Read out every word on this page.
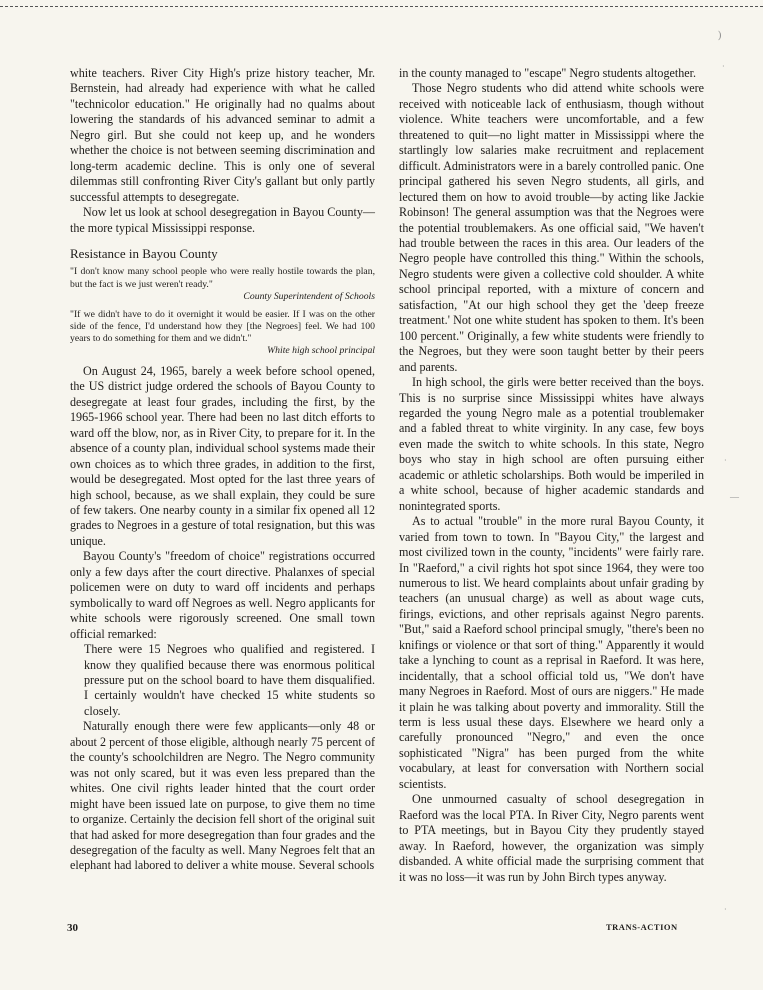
white teachers. River City High's prize history teacher, Mr. Bernstein, had already had experience with what he called "technicolor education." He originally had no qualms about lowering the standards of his advanced seminar to admit a Negro girl. But she could not keep up, and he wonders whether the choice is not between seeming discrimination and long-term academic decline. This is only one of several dilemmas still confronting River City's gallant but only partly successful attempts to desegregate.

Now let us look at school desegregation in Bayou County—the more typical Mississippi response.

Resistance in Bayou County

"I don't know many school people who were really hostile towards the plan, but the fact is we just weren't ready."

County Superintendent of Schools

"If we didn't have to do it overnight it would be easier. If I was on the other side of the fence, I'd understand how they [the Negroes] feel. We had 100 years to do something for them and we didn't."

White high school principal

On August 24, 1965, barely a week before school opened, the US district judge ordered the schools of Bayou County to desegregate at least four grades, including the first, by the 1965-1966 school year. There had been no last ditch efforts to ward off the blow, nor, as in River City, to prepare for it. In the absence of a county plan, individual school systems made their own choices as to which three grades, in addition to the first, would be desegregated. Most opted for the last three years of high school, because, as we shall explain, they could be sure of few takers. One nearby county in a similar fix opened all 12 grades to Negroes in a gesture of total resignation, but this was unique.

Bayou County's "freedom of choice" registrations occurred only a few days after the court directive. Phalanxes of special policemen were on duty to ward off incidents and perhaps symbolically to ward off Negroes as well. Negro applicants for white schools were rigorously screened. One small town official remarked:

There were 15 Negroes who qualified and registered. I know they qualified because there was enormous political pressure put on the school board to have them disqualified. I certainly wouldn't have checked 15 white students so closely.

Naturally enough there were few applicants—only 48 or about 2 percent of those eligible, although nearly 75 percent of the county's schoolchildren are Negro. The Negro community was not only scared, but it was even less prepared than the whites. One civil rights leader hinted that the court order might have been issued late on purpose, to give them no time to organize. Certainly the decision fell short of the original suit that had asked for more desegregation than four grades and the desegregation of the faculty as well. Many Negroes felt that an elephant had labored to deliver a white mouse. Several schools

in the county managed to "escape" Negro students altogether.

Those Negro students who did attend white schools were received with noticeable lack of enthusiasm, though without violence. White teachers were uncomfortable, and a few threatened to quit—no light matter in Mississippi where the startlingly low salaries make recruitment and replacement difficult. Administrators were in a barely controlled panic. One principal gathered his seven Negro students, all girls, and lectured them on how to avoid trouble—by acting like Jackie Robinson! The general assumption was that the Negroes were the potential troublemakers. As one official said, "We haven't had trouble between the races in this area. Our leaders of the Negro people have controlled this thing." Within the schools, Negro students were given a collective cold shoulder. A white school principal reported, with a mixture of concern and satisfaction, "At our high school they get the 'deep freeze treatment.' Not one white student has spoken to them. It's been 100 percent." Originally, a few white students were friendly to the Negroes, but they were soon taught better by their peers and parents.

In high school, the girls were better received than the boys. This is no surprise since Mississippi whites have always regarded the young Negro male as a potential troublemaker and a fabled threat to white virginity. In any case, few boys even made the switch to white schools. In this state, Negro boys who stay in high school are often pursuing either academic or athletic scholarships. Both would be imperiled in a white school, because of higher academic standards and nonintegrated sports.

As to actual "trouble" in the more rural Bayou County, it varied from town to town. In "Bayou City," the largest and most civilized town in the county, "incidents" were fairly rare. In "Raeford," a civil rights hot spot since 1964, they were too numerous to list. We heard complaints about unfair grading by teachers (an unusual charge) as well as about wage cuts, firings, evictions, and other reprisals against Negro parents. "But," said a Raeford school principal smugly, "there's been no knifings or violence or that sort of thing." Apparently it would take a lynching to count as a reprisal in Raeford. It was here, incidentally, that a school official told us, "We don't have many Negroes in Raeford. Most of ours are niggers." He made it plain he was talking about poverty and immorality. Still the term is less usual these days. Elsewhere we heard only a carefully pronounced "Negro," and even the once sophisticated "Nigra" has been purged from the white vocabulary, at least for conversation with Northern social scientists.

One unmourned casualty of school desegregation in Raeford was the local PTA. In River City, Negro parents went to PTA meetings, but in Bayou City they prudently stayed away. In Raeford, however, the organization was simply disbanded. A white official made the surprising comment that it was no loss—it was run by John Birch types anyway.

30	TRANS-ACTION
)
·
—
·
·
